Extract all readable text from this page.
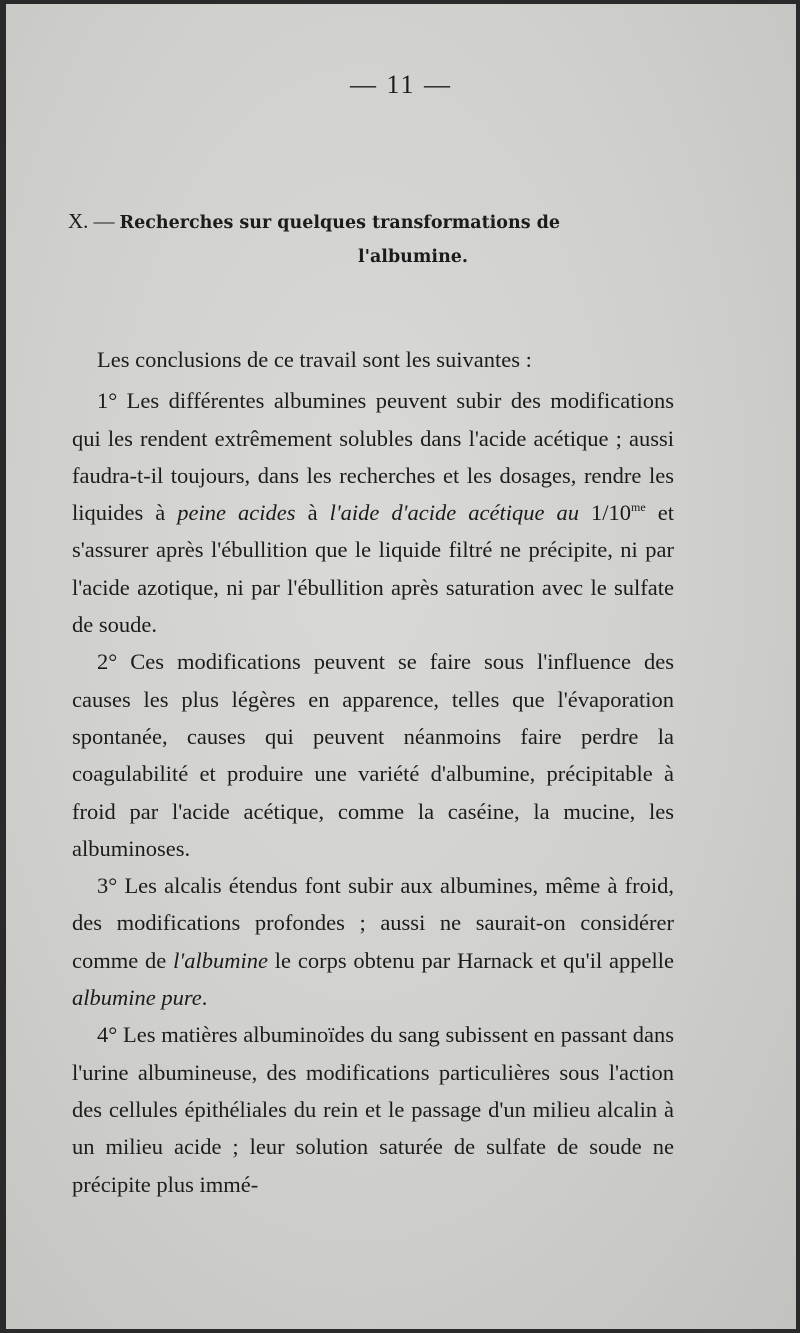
— 11 —
X. — Recherches sur quelques transformations de
l'albumine.

Les conclusions de ce travail sont les suivantes :

1° Les différentes albumines peuvent subir des modifications qui les rendent extrêmement solubles dans l'acide acétique ; aussi faudra-t-il toujours, dans les recherches et les dosages, rendre les liquides à peine acides à l'aide d'acide acétique au $1/10^{me}$ et s'assurer après l'ébullition que le liquide filtré ne précipite, ni par l'acide azotique, ni par l'ébullition après saturation avec le sulfate de soude.

2° Ces modifications peuvent se faire sous l'influence des causes les plus légères en apparence, telles que l'évaporation spontanée, causes qui peuvent néanmoins faire perdre la coagulabilité et produire une variété d'albumine, précipitable à froid par l'acide acétique, comme la caséine, la mucine, les albuminoses.

3° Les alcalis étendus font subir aux albumines, même à froid, des modifications profondes ; aussi ne saurait-on considérer comme de l'albumine le corps obtenu par Harnack et qu'il appelle albumine pure.

4° Les matières albuminoïdes du sang subissent en passant dans l'urine albumineuse, des modifications particulières sous l'action des cellules épithéliales du rein et le passage d'un milieu alcalin à un milieu acide ; leur solution saturée de sulfate de soude ne précipite plus immé-
